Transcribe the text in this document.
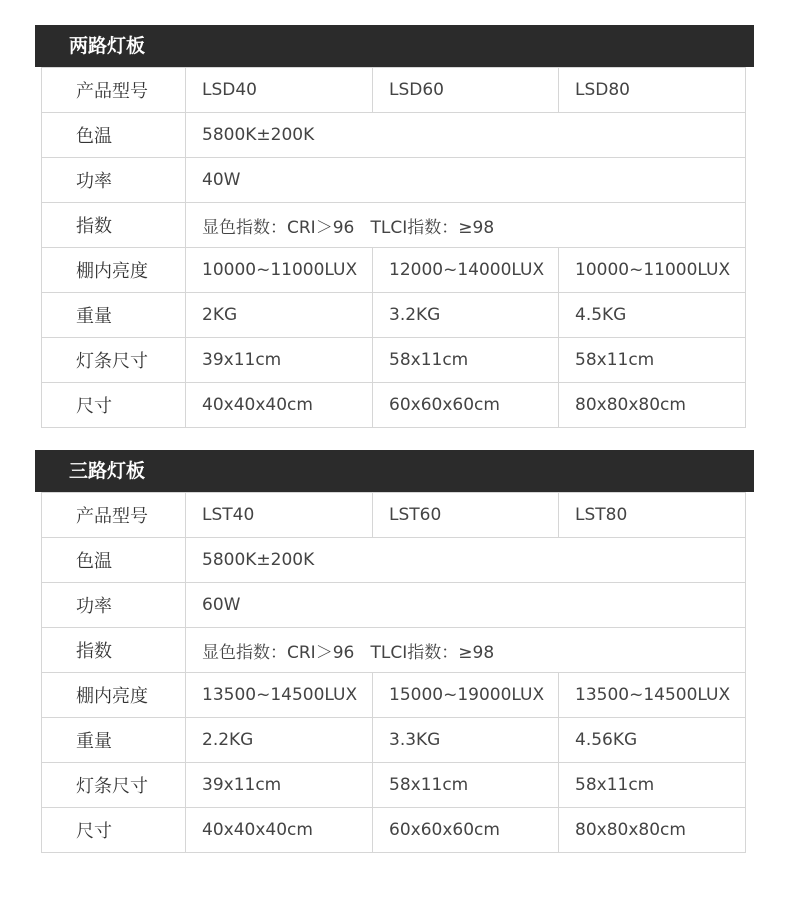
两路灯板
产品型号	LSD40	LSD60	LSD80
色温	5800K±200K		
功率	40W		
指数	显色指数：CRI＞96   TLCI指数：≥98		
棚内亮度	10000~11000LUX	12000~14000LUX	10000~11000LUX
重量	2KG	3.2KG	4.5KG
灯条尺寸	39x11cm	58x11cm	58x11cm
尺寸	40x40x40cm	60x60x60cm	80x80x80cm
三路灯板
产品型号	LST40	LST60	LST80
色温	5800K±200K		
功率	60W		
指数	显色指数：CRI＞96   TLCI指数：≥98		
棚内亮度	13500~14500LUX	15000~19000LUX	13500~14500LUX
重量	2.2KG	3.3KG	4.56KG
灯条尺寸	39x11cm	58x11cm	58x11cm
尺寸	40x40x40cm	60x60x60cm	80x80x80cm
